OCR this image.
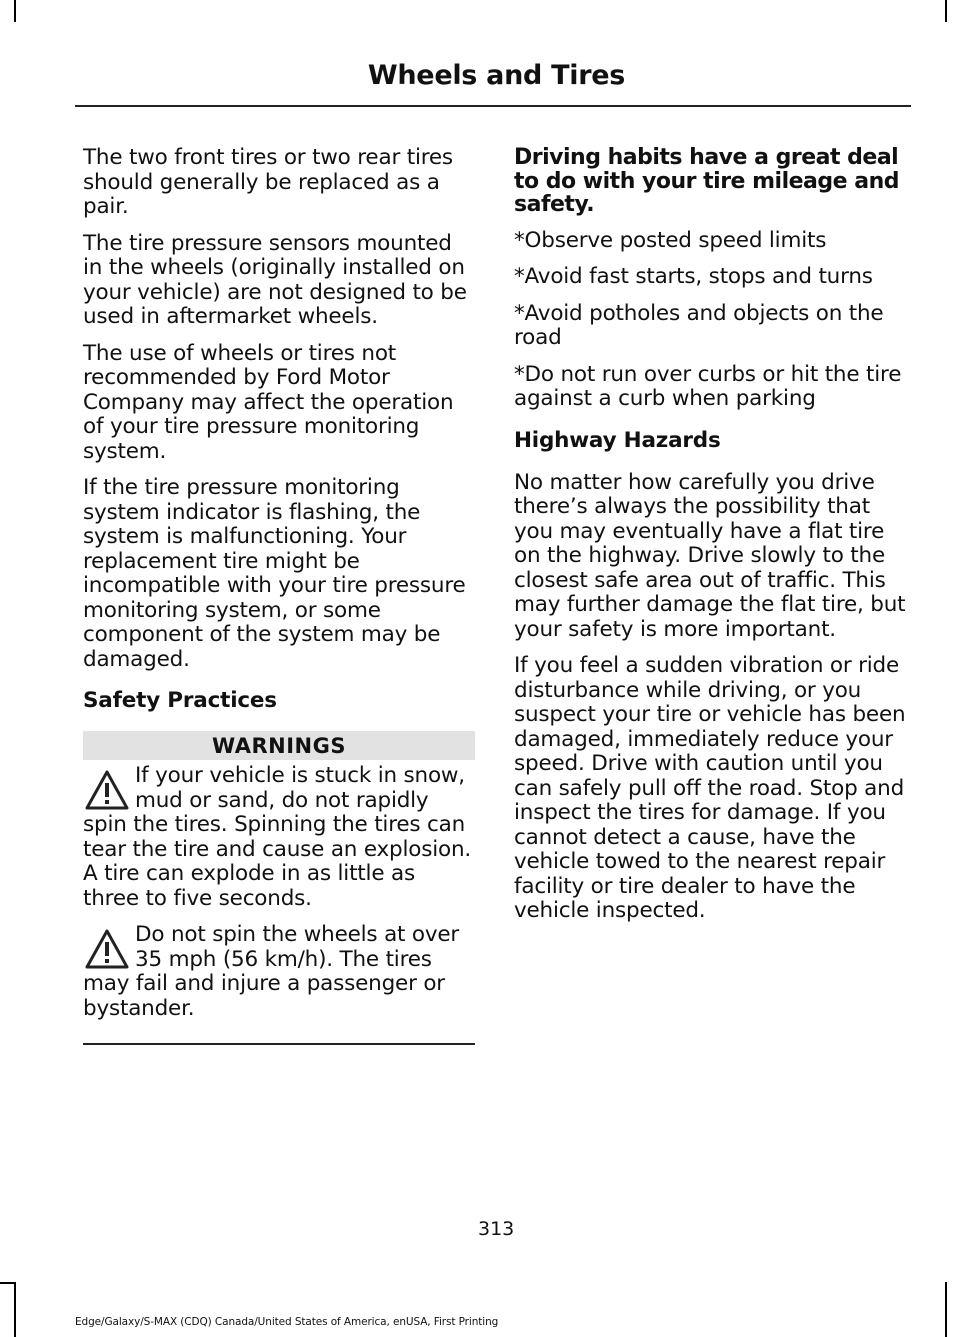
Wheels and Tires

The two front tires or two rear tires should generally be replaced as a pair.

The tire pressure sensors mounted in the wheels (originally installed on your vehicle) are not designed to be used in aftermarket wheels.

The use of wheels or tires not recommended by Ford Motor Company may affect the operation of your tire pressure monitoring system.

If the tire pressure monitoring system indicator is flashing, the system is malfunctioning. Your replacement tire might be incompatible with your tire pressure monitoring system, or some component of the system may be damaged.

Safety Practices
WARNINGS
If your vehicle is stuck in snow, mud or sand, do not rapidly spin the tires. Spinning the tires can tear the tire and cause an explosion. A tire can explode in as little as three to five seconds.
Do not spin the wheels at over 35 mph (56 km/h). The tires may fail and injure a passenger or bystander.
Driving habits have a great deal to do with your tire mileage and safety.

*Observe posted speed limits

*Avoid fast starts, stops and turns

*Avoid potholes and objects on the road

*Do not run over curbs or hit the tire against a curb when parking

Highway Hazards

No matter how carefully you drive there’s always the possibility that you may eventually have a flat tire on the highway. Drive slowly to the closest safe area out of traffic. This may further damage the flat tire, but your safety is more important.

If you feel a sudden vibration or ride disturbance while driving, or you suspect your tire or vehicle has been damaged, immediately reduce your speed. Drive with caution until you can safely pull off the road. Stop and inspect the tires for damage. If you cannot detect a cause, have the vehicle towed to the nearest repair facility or tire dealer to have the vehicle inspected.

313
Edge/Galaxy/S-MAX (CDQ) Canada/United States of America, enUSA, First Printing
